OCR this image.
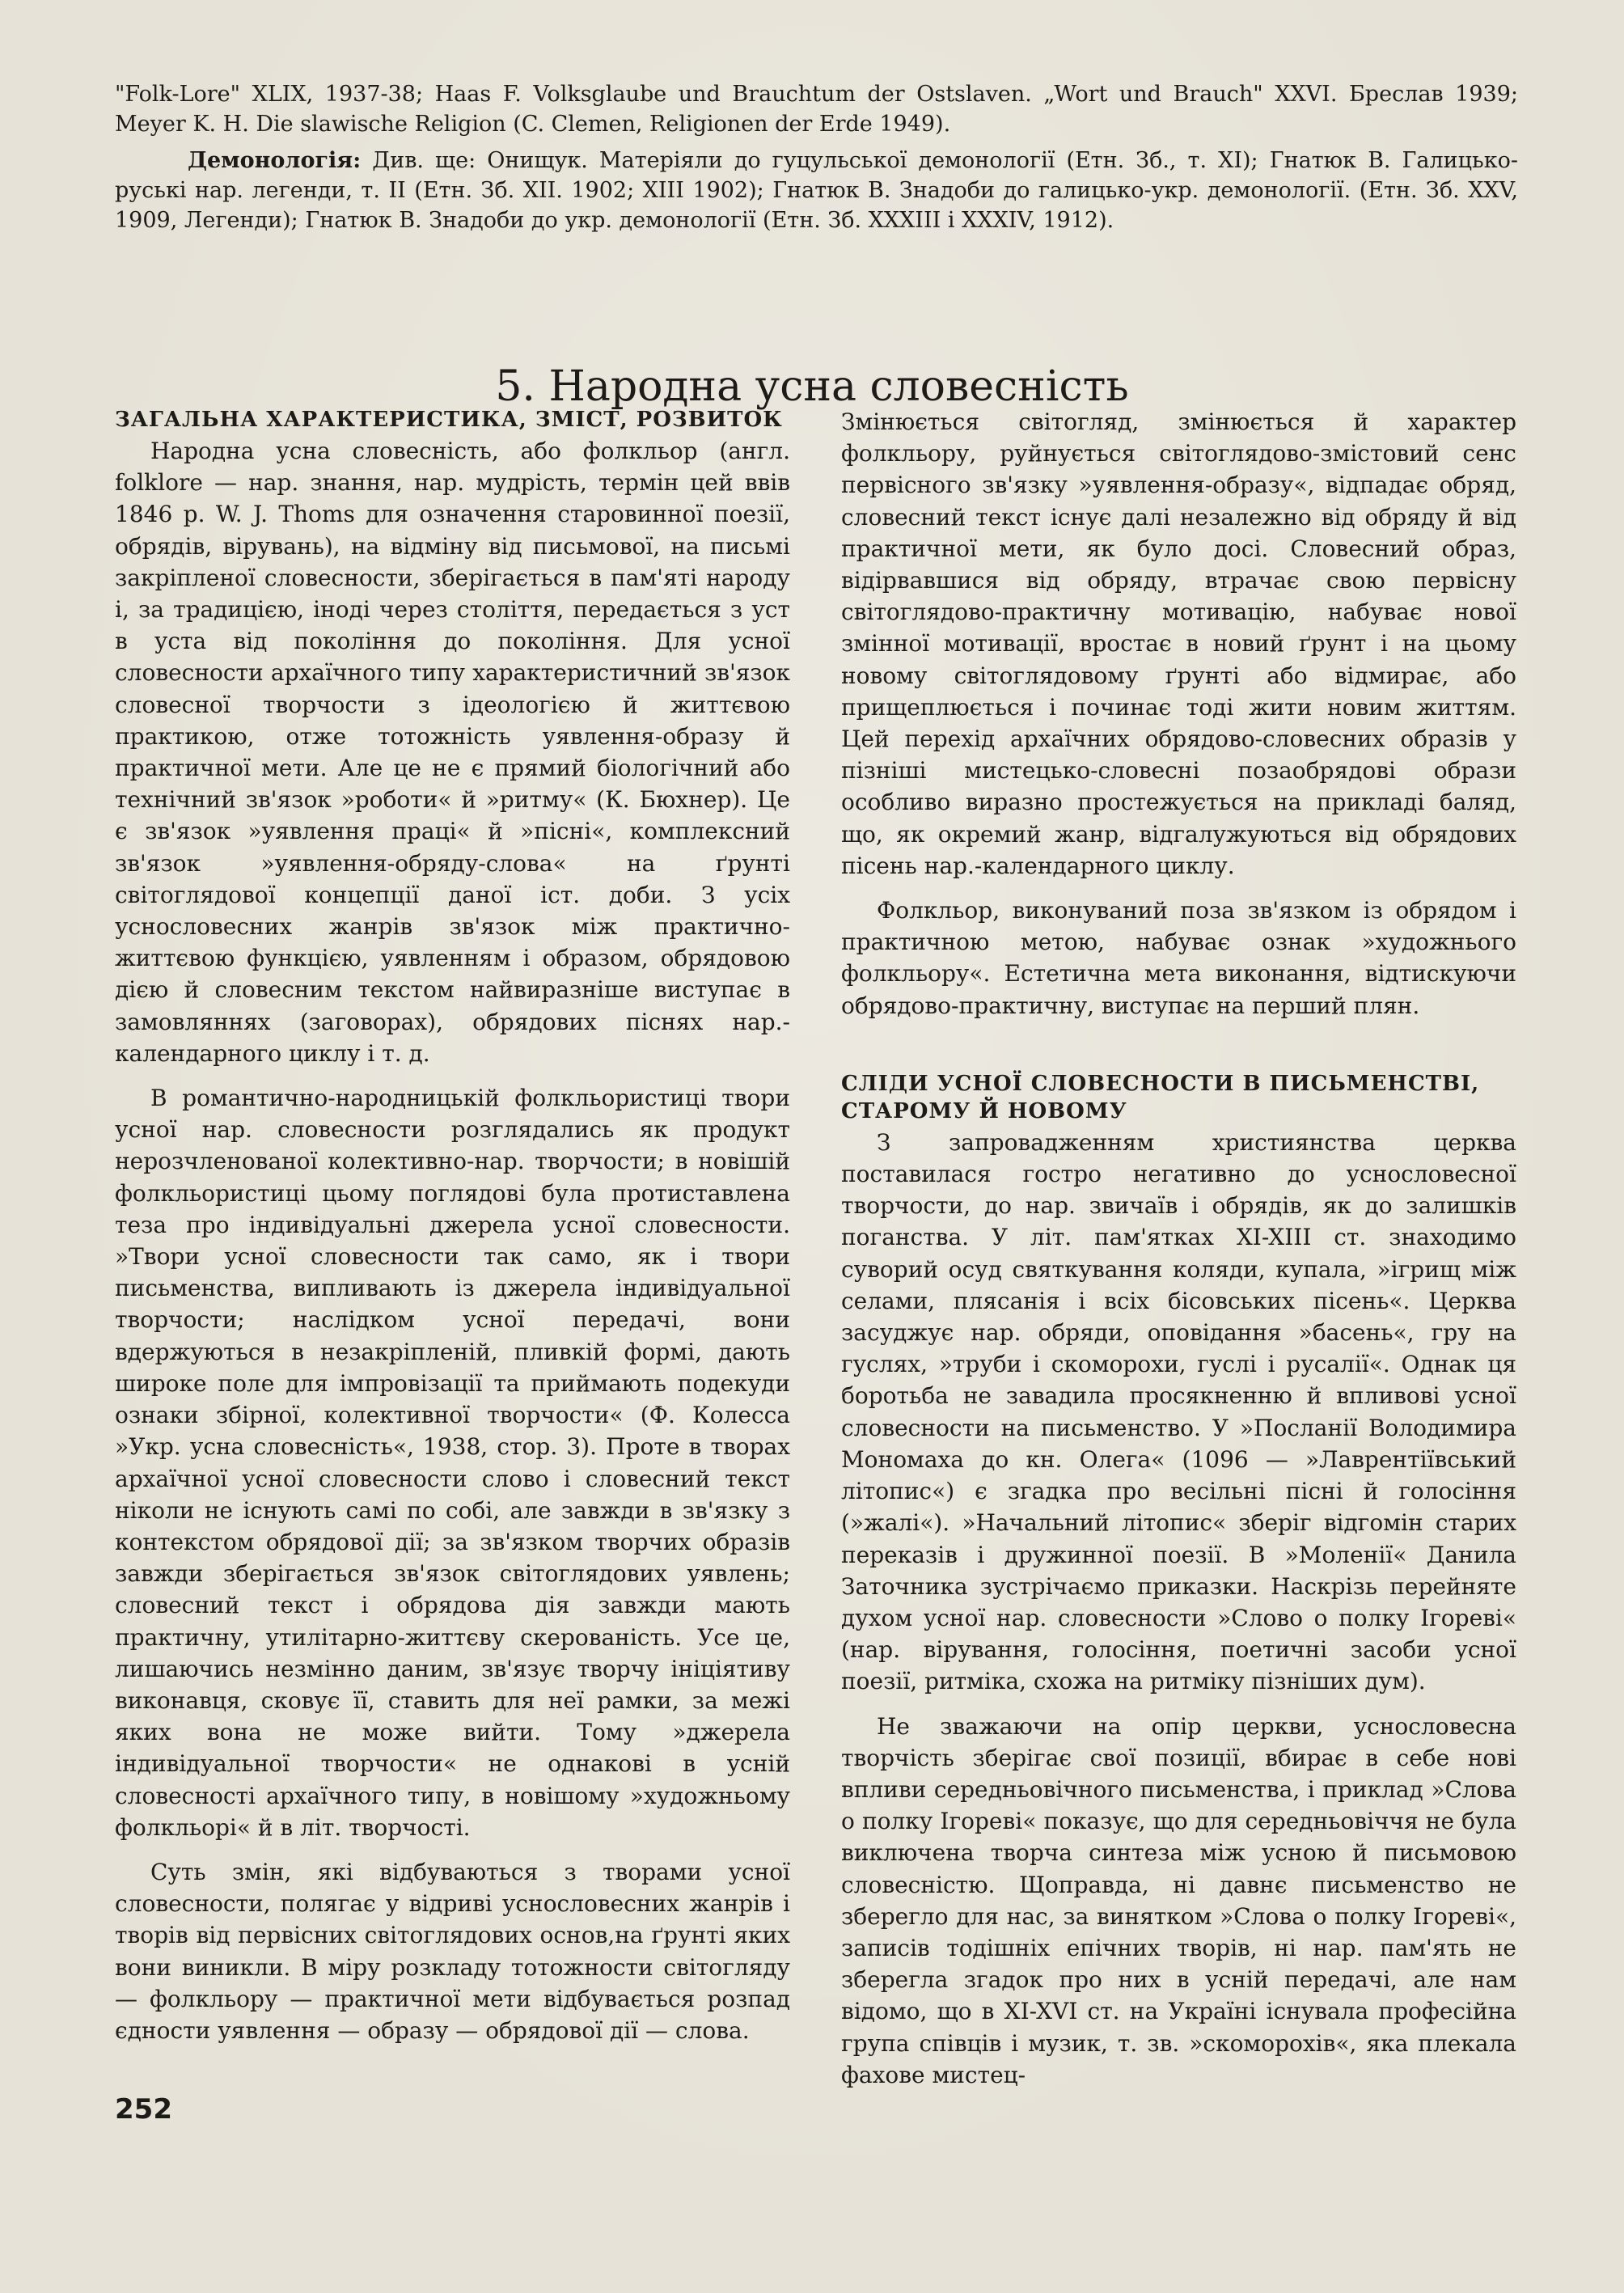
"Folk-Lore" XLIX, 1937-38; Haas F. Volksglaube und Brauchtum der Ostslaven. „Wort und Brauch" XXVI. Бреслав 1939; Meyer K. H. Die slawische Religion (C. Clemen, Religionen der Erde 1949).

Демонологія: Див. ще: Онищук. Матеріяли до гуцульської демонології (Етн. Зб., т. XI); Гнатюк В. Галицько-руські нар. легенди, т. II (Етн. Зб. XII. 1902; XIII 1902); Гнатюк В. Знадоби до галицько-укр. демонології. (Етн. Зб. XXV, 1909, Легенди); Гнатюк В. Знадоби до укр. демонології (Етн. Зб. XXXIII і XXXIV, 1912).

5. Народна усна словесність
ЗАГАЛЬНА ХАРАКТЕРИСТИКА, ЗМІСТ, РОЗВИТОК

Народна усна словесність, або фолкльор (англ. folklore — нар. знання, нар. мудрість, термін цей ввів 1846 р. W. J. Thoms для означення старовинної поезії, обрядів, вірувань), на відміну від письмової, на письмі закріпленої словесности, зберігається в пам'яті народу і, за традицією, іноді через століття, передається з уст в уста від покоління до покоління. Для усної словесности архаїчного типу характеристичний зв'язок словесної творчости з ідеологією й життєвою практикою, отже тотожність уявлення-образу й практичної мети. Але це не є прямий біологічний або технічний зв'язок »роботи« й »ритму« (К. Бюхнер). Це є зв'язок »уявлення праці« й »пісні«, комплексний зв'язок »уявлення-обряду-слова« на ґрунті світоглядової концепції даної іст. доби. З усіх уснословесних жанрів зв'язок між практично-життєвою функцією, уявленням і образом, обрядовою дією й словесним текстом найвиразніше виступає в замовляннях (заговорах), обрядових піснях нар.-календарного циклу і т. д.

В романтично-народницькій фолкльористиці твори усної нар. словесности розглядались як продукт нерозчленованої колективно-нар. творчости; в новішій фолкльористиці цьому поглядові була протиставлена теза про індивідуальні джерела усної словесности. »Твори усної словесности так само, як і твори письменства, випливають із джерела індивідуальної творчости; наслідком усної передачі, вони вдержуються в незакріпленій, пливкій формі, дають широке поле для імпровізації та приймають подекуди ознаки збірної, колективної творчости« (Ф. Колесса »Укр. усна словесність«, 1938, стор. 3). Проте в творах архаїчної усної словесности слово і словесний текст ніколи не існують самі по собі, але завжди в зв'язку з контекстом обрядової дії; за зв'язком творчих образів завжди зберігається зв'язок світоглядових уявлень; словесний текст і обрядова дія завжди мають практичну, утилітарно-життєву скерованість. Усе це, лишаючись незмінно даним, зв'язує творчу ініціятиву виконавця, сковує її, ставить для неї рамки, за межі яких вона не може вийти. Тому »джерела індивідуальної творчости« не однакові в усній словесності архаїчного типу, в новішому »художньому фолкльорі« й в літ. творчості.

Суть змін, які відбуваються з творами усної словесности, полягає у відриві уснословесних жанрів і творів від первісних світоглядових основ,на ґрунті яких вони виникли. В міру розкладу тотожности світогляду — фолкльору — практичної мети відбувається розпад єдности уявлення — образу — обрядової дії — слова.

Змінюється світогляд, змінюється й характер фолкльору, руйнується світоглядово-змістовий сенс первісного зв'язку »уявлення-образу«, відпадає обряд, словесний текст існує далі незалежно від обряду й від практичної мети, як було досі. Словесний образ, відірвавшися від обряду, втрачає свою первісну світоглядово-практичну мотивацію, набуває нової змінної мотивації, вростає в новий ґрунт і на цьому новому світоглядовому ґрунті або відмирає, або прищеплюється і починає тоді жити новим життям. Цей перехід архаїчних обрядово-словесних образів у пізніші мистецько-словесні позаобрядові образи особливо виразно простежується на прикладі баляд, що, як окремий жанр, відгалужуються від обрядових пісень нар.-календарного циклу.

Фолкльор, виконуваний поза зв'язком із обрядом і практичною метою, набуває ознак »художнього фолкльору«. Естетична мета виконання, відтискуючи обрядово-практичну, виступає на перший плян.

СЛІДИ УСНОЇ СЛОВЕСНОСТИ В ПИСЬМЕНСТВІ, СТАРОМУ Й НОВОМУ

З запровадженням християнства церква поставилася гостро негативно до уснословесної творчости, до нар. звичаїв і обрядів, як до залишків поганства. У літ. пам'ятках XI-XIII ст. знаходимо суворий осуд святкування коляди, купала, »ігрищ між селами, плясанія і всіх бісовських пісень«. Церква засуджує нар. обряди, оповідання »басень«, гру на гуслях, »труби і скоморохи, гуслі і русалії«. Однак ця боротьба не завадила просякненню й впливові усної словесности на письменство. У »Посланії Володимира Мономаха до кн. Олега« (1096 — »Лаврентіївський літопис«) є згадка про весільні пісні й голосіння (»жалі«). »Начальний літопис« зберіг відгомін старих переказів і дружинної поезії. В »Моленії« Данила Заточника зустрічаємо приказки. Наскрізь перейняте духом усної нар. словесности »Слово о полку Ігореві« (нар. вірування, голосіння, поетичні засоби усної поезії, ритміка, схожа на ритміку пізніших дум).

Не зважаючи на опір церкви, уснословесна творчість зберігає свої позиції, вбирає в себе нові впливи середньовічного письменства, і приклад »Слова о полку Ігореві« показує, що для середньовіччя не була виключена творча синтеза між усною й письмовою словесністю. Щоправда, ні давнє письменство не зберегло для нас, за винятком »Слова о полку Ігореві«, записів тодішніх епічних творів, ні нар. пам'ять не зберегла згадок про них в усній передачі, але нам відомо, що в XI-XVI ст. на Україні існувала професійна група співців і музик, т. зв. »скоморохів«, яка плекала фахове мистец-

252
